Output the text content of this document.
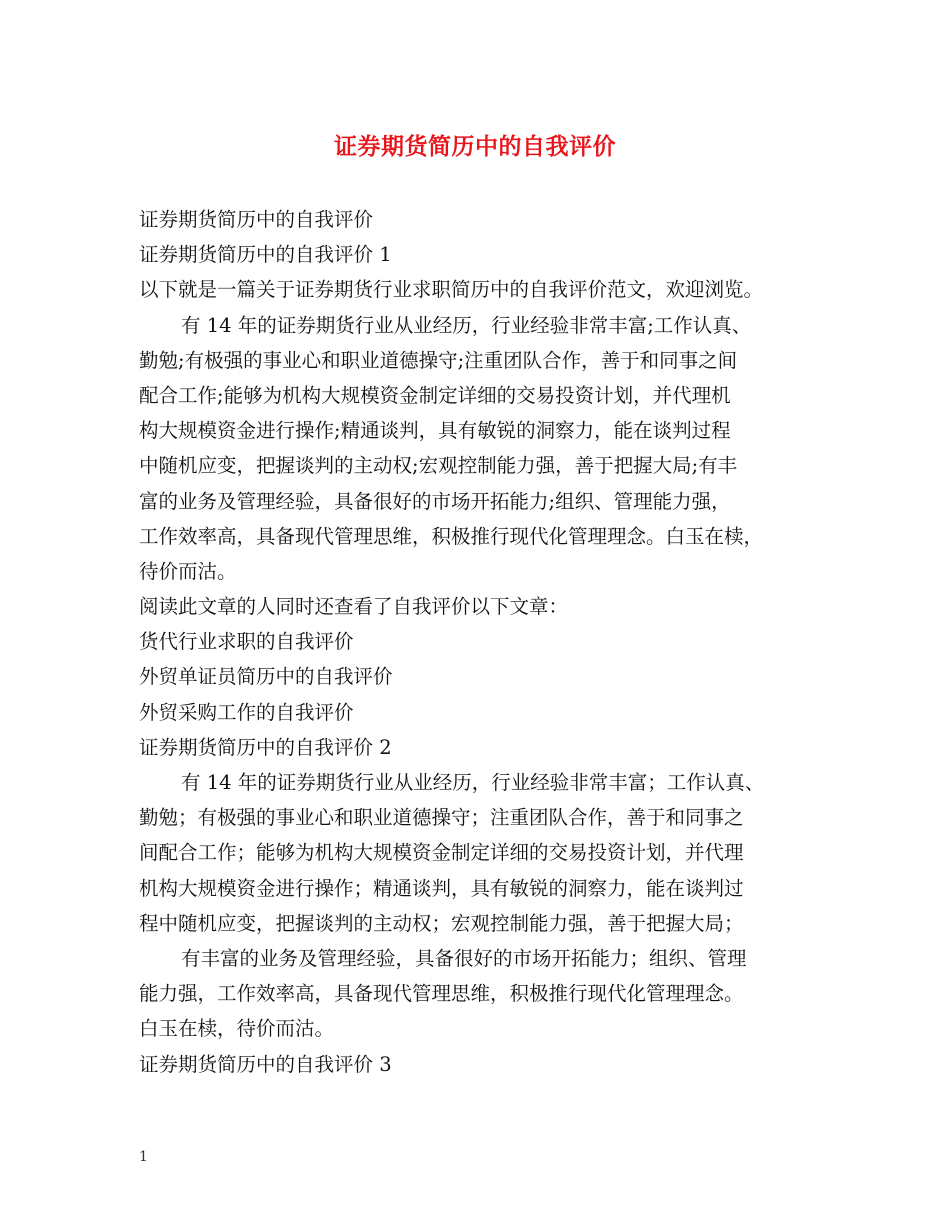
证券期货简历中的自我评价
证券期货简历中的自我评价
证券期货简历中的自我评价 1
以下就是一篇关于证券期货行业求职简历中的自我评价范文，欢迎浏览。
有 14 年的证券期货行业从业经历，行业经验非常丰富;工作认真、
勤勉;有极强的事业心和职业道德操守;注重团队合作，善于和同事之间
配合工作;能够为机构大规模资金制定详细的交易投资计划，并代理机
构大规模资金进行操作;精通谈判，具有敏锐的洞察力，能在谈判过程
中随机应变，把握谈判的主动权;宏观控制能力强，善于把握大局;有丰
富的业务及管理经验，具备很好的市场开拓能力;组织、管理能力强，
工作效率高，具备现代管理思维，积极推行现代化管理理念。白玉在椟，
待价而沽。
阅读此文章的人同时还查看了自我评价以下文章：
货代行业求职的自我评价
外贸单证员简历中的自我评价
外贸采购工作的自我评价
证券期货简历中的自我评价 2
有 14 年的证券期货行业从业经历，行业经验非常丰富；工作认真、
勤勉；有极强的事业心和职业道德操守；注重团队合作，善于和同事之
间配合工作；能够为机构大规模资金制定详细的交易投资计划，并代理
机构大规模资金进行操作；精通谈判，具有敏锐的洞察力，能在谈判过
程中随机应变，把握谈判的主动权；宏观控制能力强，善于把握大局；
有丰富的业务及管理经验，具备很好的市场开拓能力；组织、管理
能力强，工作效率高，具备现代管理思维，积极推行现代化管理理念。
白玉在椟，待价而沽。
证券期货简历中的自我评价 3
1
